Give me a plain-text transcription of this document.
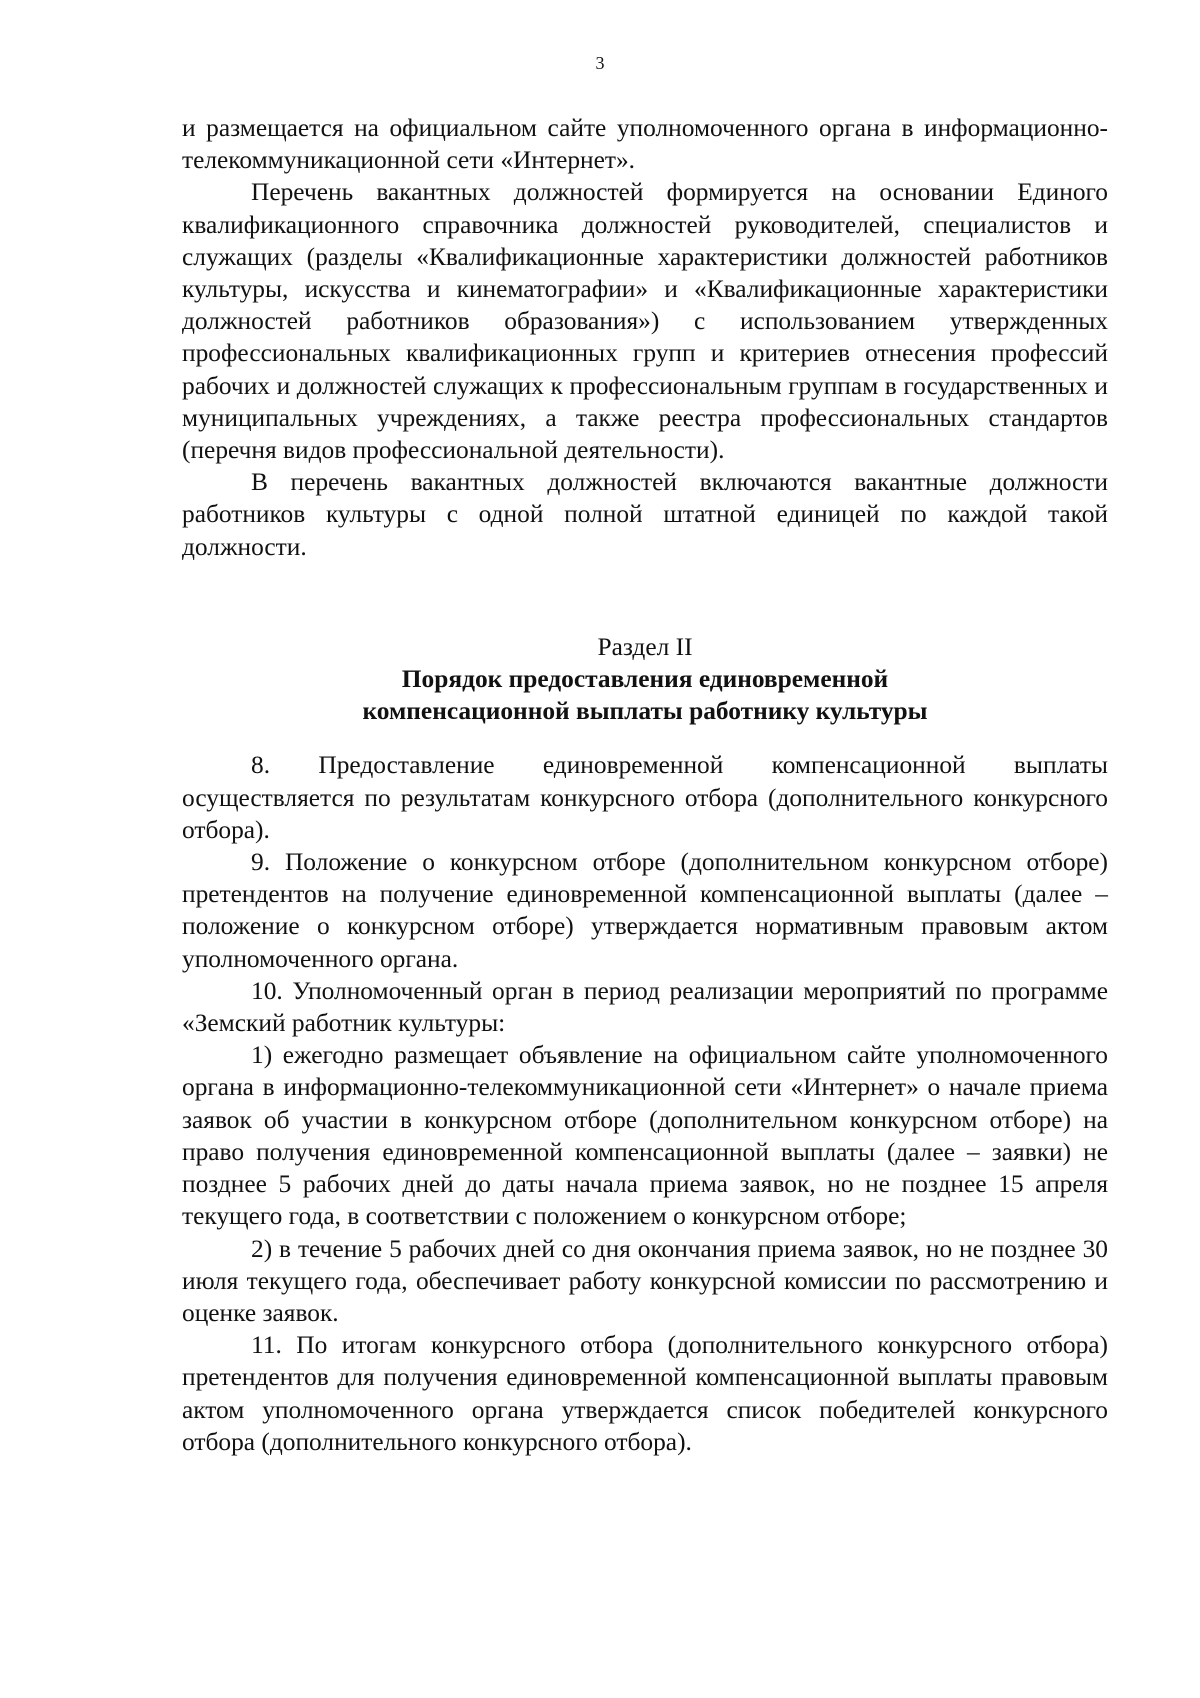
3

и размещается на официальном сайте уполномоченного органа в информационно-телекоммуникационной сети «Интернет».

Перечень вакантных должностей формируется на основании Единого квалификационного справочника должностей руководителей, специалистов и служащих (разделы «Квалификационные характеристики должностей работников культуры, искусства и кинематографии» и «Квалификационные характеристики должностей работников образования») с использованием утвержденных профессиональных квалификационных групп и критериев отнесения профессий рабочих и должностей служащих к профессиональным группам в государственных и муниципальных учреждениях, а также реестра профессиональных стандартов (перечня видов профессиональной деятельности).

В перечень вакантных должностей включаются вакантные должности работников культуры с одной полной штатной единицей по каждой такой должности.

Раздел II

Порядок предоставления единовременной

компенсационной выплаты работнику культуры

8. Предоставление единовременной компенсационной выплаты осуществляется по результатам конкурсного отбора (дополнительного конкурсного отбора).

9. Положение о конкурсном отборе (дополнительном конкурсном отборе) претендентов на получение единовременной компенсационной выплаты (далее – положение о конкурсном отборе) утверждается нормативным правовым актом уполномоченного органа.

10. Уполномоченный орган в период реализации мероприятий по программе «Земский работник культуры:

1) ежегодно размещает объявление на официальном сайте уполномоченного органа в информационно-телекоммуникационной сети «Интернет» о начале приема заявок об участии в конкурсном отборе (дополнительном конкурсном отборе) на право получения единовременной компенсационной выплаты (далее – заявки) не позднее 5 рабочих дней до даты начала приема заявок, но не позднее 15 апреля текущего года, в соответствии с положением о конкурсном отборе;

2) в течение 5 рабочих дней со дня окончания приема заявок, но не позднее 30 июля текущего года, обеспечивает работу конкурсной комиссии по рассмотрению и оценке заявок.

11. По итогам конкурсного отбора (дополнительного конкурсного отбора) претендентов для получения единовременной компенсационной выплаты правовым актом уполномоченного органа утверждается список победителей конкурсного отбора (дополнительного конкурсного отбора).
